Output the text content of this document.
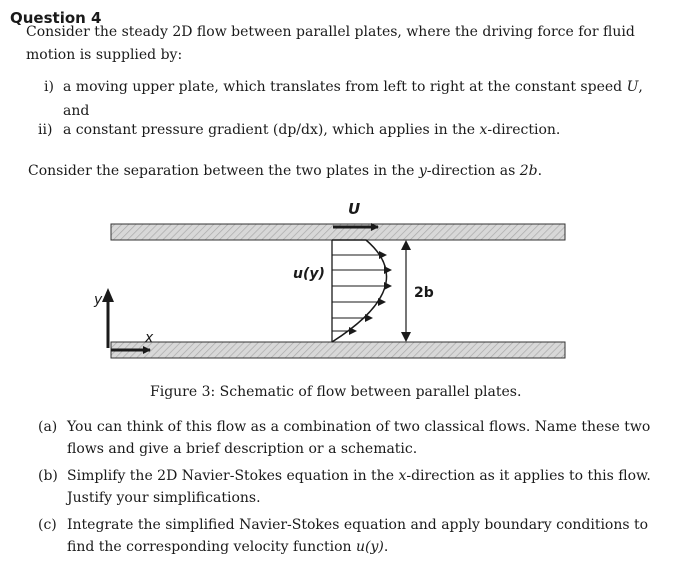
Question 4
Consider the steady 2D flow between parallel plates, where the driving force for fluid
motion is supplied by:
i) a moving upper plate, which translates from left to right at the constant speed U,
and
ii) a constant pressure gradient (dp/dx), which applies in the x-direction.
Consider the separation between the two plates in the y-direction as 2b.
U
u(y)
2b
y
x
Figure 3: Schematic of flow between parallel plates.
(a) You can think of this flow as a combination of two classical flows. Name these two
flows and give a brief description or a schematic.
(b) Simplify the 2D Navier-Stokes equation in the x-direction as it applies to this flow.
Justify your simplifications.
(c) Integrate the simplified Navier-Stokes equation and apply boundary conditions to
find the corresponding velocity function u(y).
